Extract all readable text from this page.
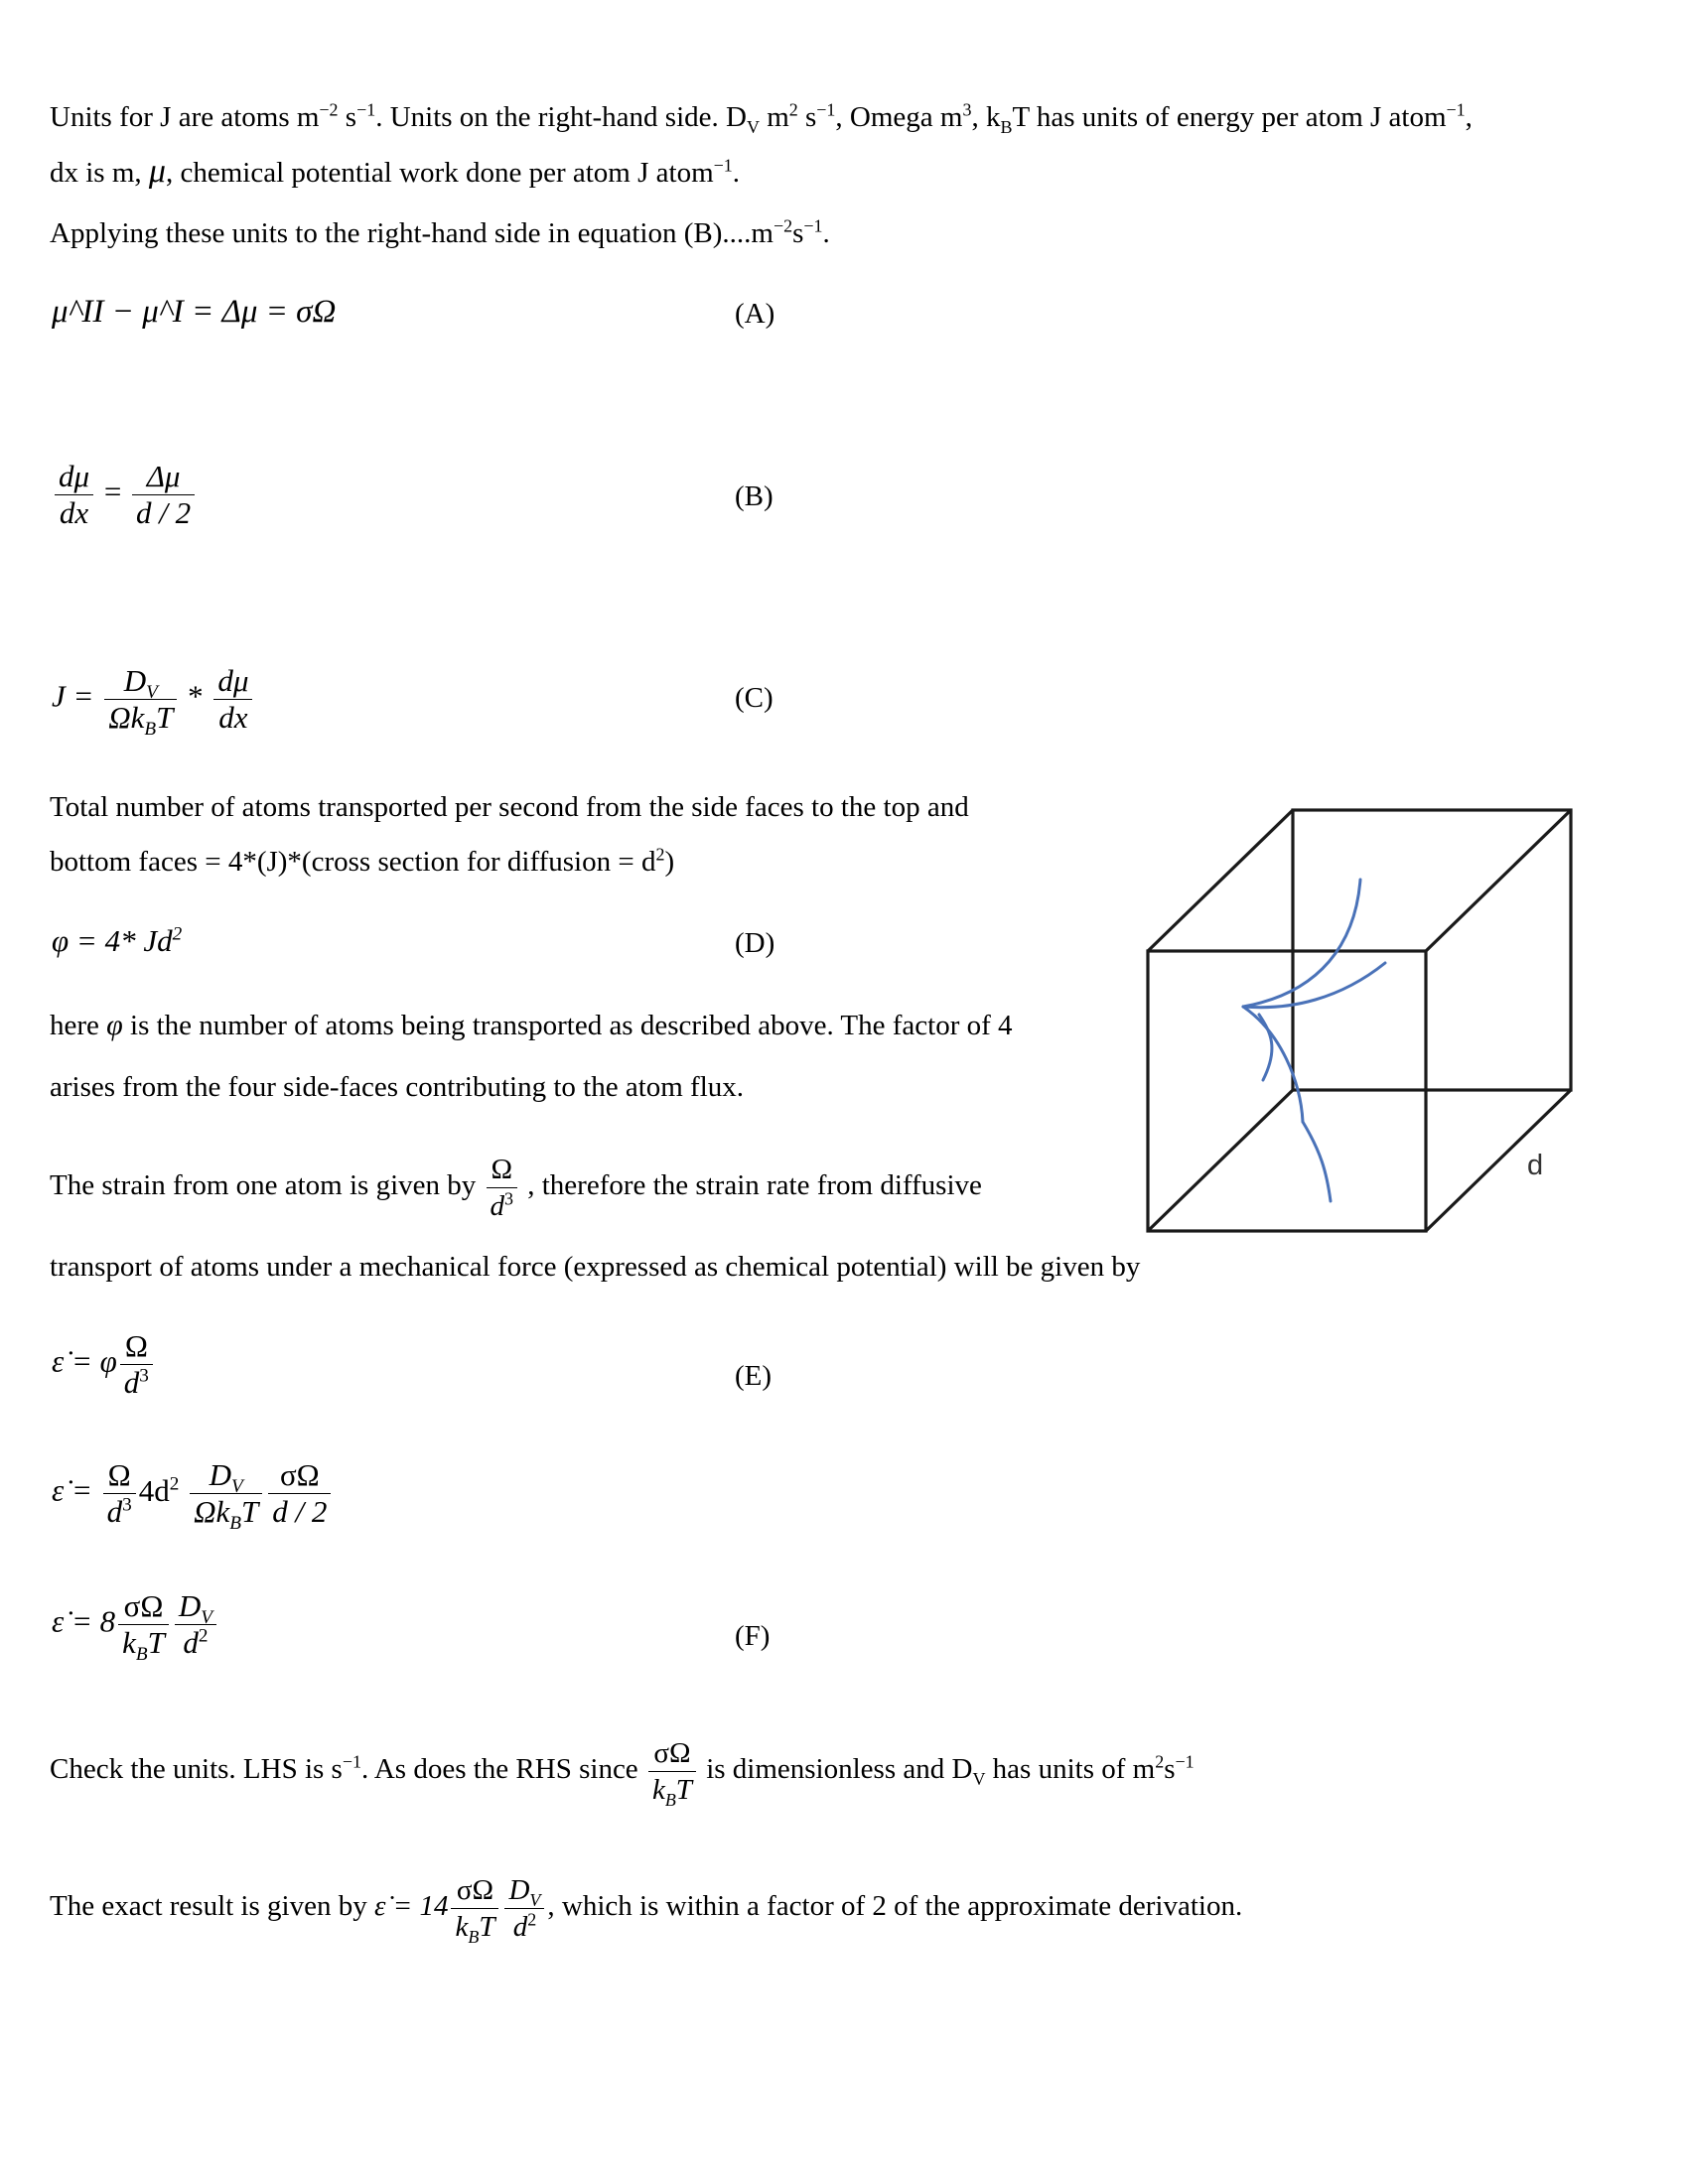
Units for J are atoms $m^{-2}$ $s^{-1}$. Units on the right-hand side. $D_V$ $m^2$ $s^{-1}$, Omega $m^3$, $k_BT$ has units of energy per atom J atom$^{-1}$,
dx is m, μ, chemical potential work done per atom J atom$^{-1}$.
Applying these units to the right-hand side in equation $(B)....m^{-2}s^{-1}$.
μ^II − μ^I = Δμ = σΩ	(A)
$\frac{d\mu}{dx} = \frac{\Delta\mu}{d / 2}$	(B)
$J = \frac{D_V}{\Omega k_BT} * \frac{d\mu}{dx}$	(C)
Total number of atoms transported per second from the side faces to the top and
bottom faces = 4*(J)*(cross section for diffusion = $d^2$)
φ = 4* Jd$^2$	(D)
here φ is the number of atoms being transported as described above. The factor of 4
arises from the four side-faces contributing to the atom flux.
The strain from one atom is given by $\frac{\Omega}{d^3}$ , therefore the strain rate from diffusive
transport of atoms under a mechanical force (expressed as chemical potential) will be given by
ε̇ = φ $\frac{\Omega}{d^3}$	(E)
ε̇ = $\frac{\Omega}{d^3} 4d^2 \frac{D_V}{\Omega k_BT} \frac{\sigma\Omega}{d / 2}$
ε̇ = $8 \frac{\sigma\Omega}{k_BT} \frac{D_V}{d^2}$	(F)
Check the units. LHS is $s^{-1}$. As does the RHS since $\frac{\sigma\Omega}{k_BT}$ is dimensionless and $D_V$ has units of $m^2s^{-1}$
The exact result is given by ε̇ = $14 \frac{\sigma\Omega}{k_BT} \frac{D_V}{d^2}$ , which is within a factor of 2 of the approximate derivation.
d
